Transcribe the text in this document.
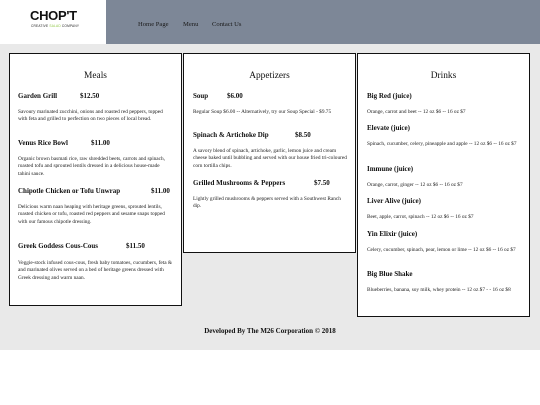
CHOP'T
CREATIVE SALAD COMPANY	Home Page Menu Contact Us
Meals
Garden Grill	$12.50
Savoury marinated zucchini, onions and roasted red peppers, topped with feta and grilled to perfection on two pieces of local bread.
Venus Rice Bowl	$11.00
Organic brown basmati rice, raw shredded beets, carrots and spinach, roasted tofu and sprouted lentils dressed in a delicious house-made tahini sauce.
Chipotle Chicken or Tofu Unwrap	$11.00
Delicious warm naan heaping with heritage greens, sprouted lentils, roasted chicken or tofu, roasted red peppers and sesame snaps topped with our famous chipotle dressing.
Greek Goddess Cous-Cous	$11.50
Veggie-stock infused cous-cous, fresh baby tomatoes, cucumbers, feta & and marinated olives served on a bed of heritage greens dressed with Greek dressing and warm naan.
Appetizers
Soup	$6.00
Regular Soup $6.00 -- Alternatively, try our Soup Special - $9.75
Spinach & Artichoke Dip	$8.50
A savory blend of spinach, artichoke, garlic, lemon juice and cream cheese baked until bubbling and served with our house fried tri-coloured corn tortilla chips.
Grilled Mushrooms & Peppers	$7.50
Lightly grilled mushrooms & peppers served with a Southwest Ranch dip.
Drinks
Big Red (juice)
Orange, carrot and beet -- 12 oz $6 -- 16 oz $7
Elevate (juice)
Spinach, cucumber, celery, pineapple and apple -- 12 oz $6 -- 16 oz $7
Immune (juice)
Orange, carrot, ginger -- 12 oz $6 -- 16 oz $7
Liver Alive (juice)
Beet, apple, carrot, spinach -- 12 oz $6 -- 16 oz $7
Yin Elixir (juice)
Celery, cucumber, spinach, pear, lemon or lime -- 12 oz $6 -- 16 oz $7
Big Blue Shake
Blueberries, banana, soy milk, whey protein -- 12 oz $7 - - 16 oz $8
Developed By The M26 Corporation © 2018
